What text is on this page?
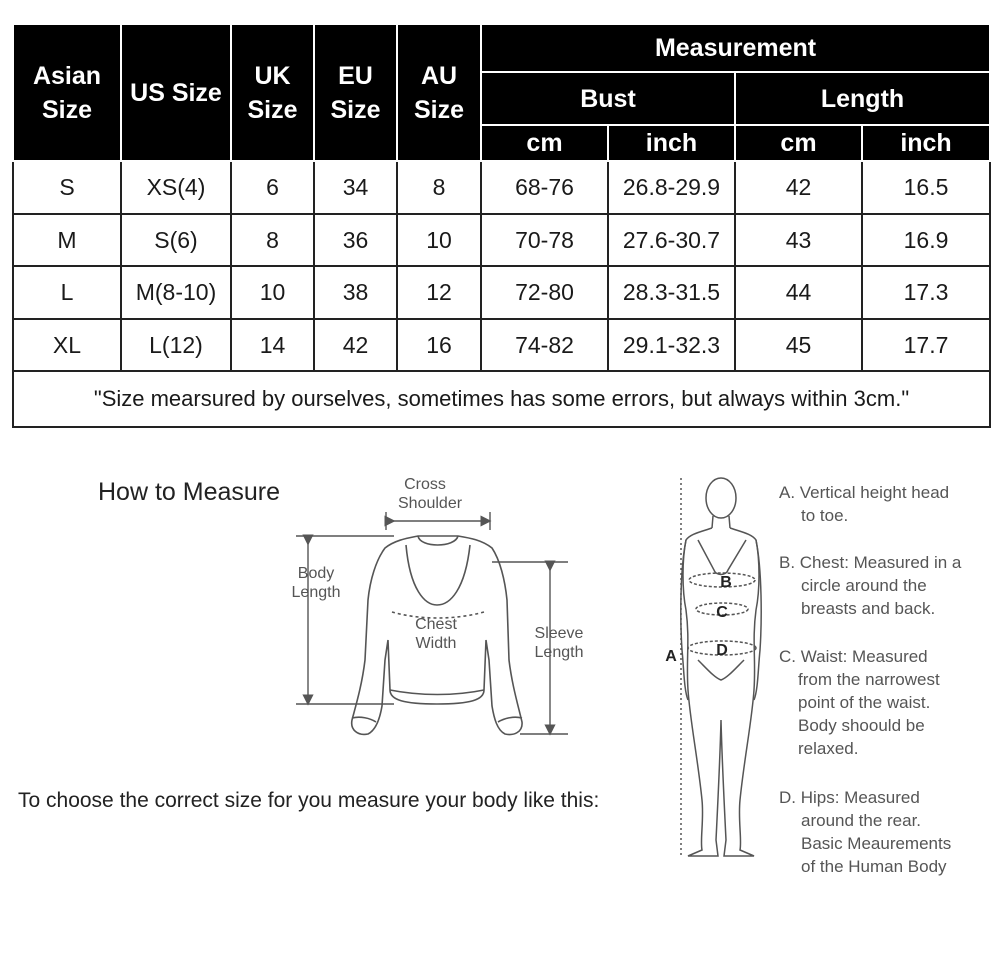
Asian Size	US Size	UK Size	EU Size	AU Size	Measurement			
					Bust		Length	
					cm	inch	cm	inch
S	XS(4)	6	34	8	68-76	26.8-29.9	42	16.5
M	S(6)	8	36	10	70-78	27.6-30.7	43	16.9
L	M(8-10)	10	38	12	72-80	28.3-31.5	44	17.3
XL	L(12)	14	42	16	74-82	29.1-32.3	45	17.7
"Size mearsured by ourselves, sometimes has some errors, but always within 3cm."								
How to Measure
B
C
D
A
Cross
Shoulder
Body
Length
Chest
Width
Sleeve
Length
To choose the correct size for you measure your body like this:
A. Vertical height head
to toe.
B. Chest: Measured in a
circle around the
breasts and back.
C. Waist: Measured
from the narrowest
point of the waist.
Body shoould be
relaxed.
D. Hips: Measured
around the rear.
Basic Meaurements
of the Human Body
